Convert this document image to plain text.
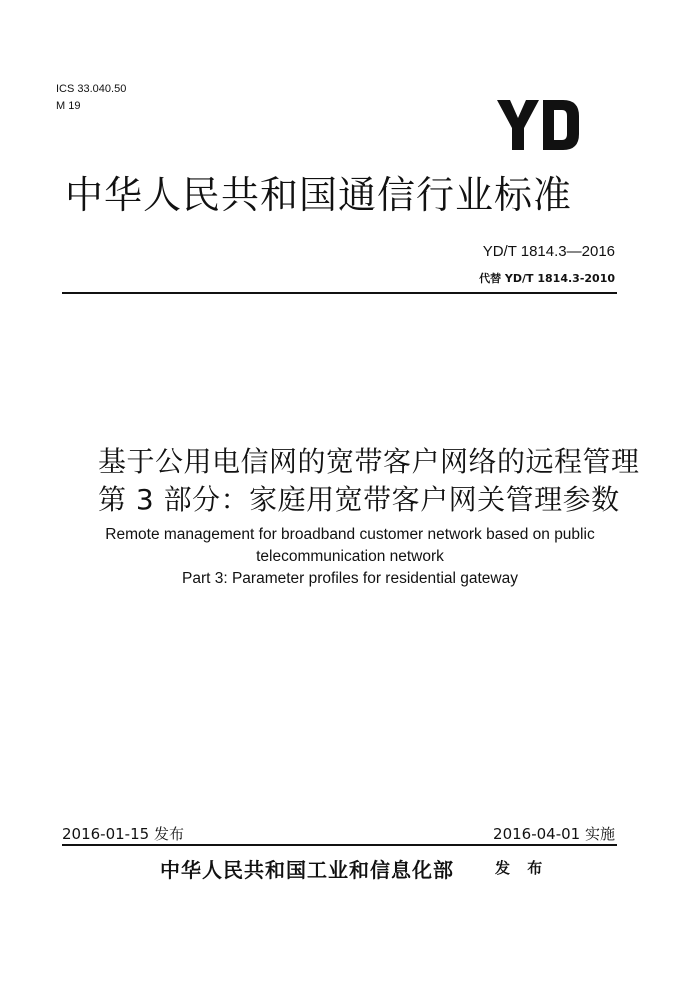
ICS 33.040.50
M 19
中华人民共和国通信行业标准
YD/T 1814.3—2016
代替 YD/T 1814.3-2010
基于公用电信网的宽带客户网络的远程管理
第 3 部分：家庭用宽带客户网关管理参数
Remote management for broadband customer network based on public
telecommunication network
Part 3: Parameter profiles for residential gateway
2016-01-15 发布	2016-04-01 实施
中华人民共和国工业和信息化部	发 布
